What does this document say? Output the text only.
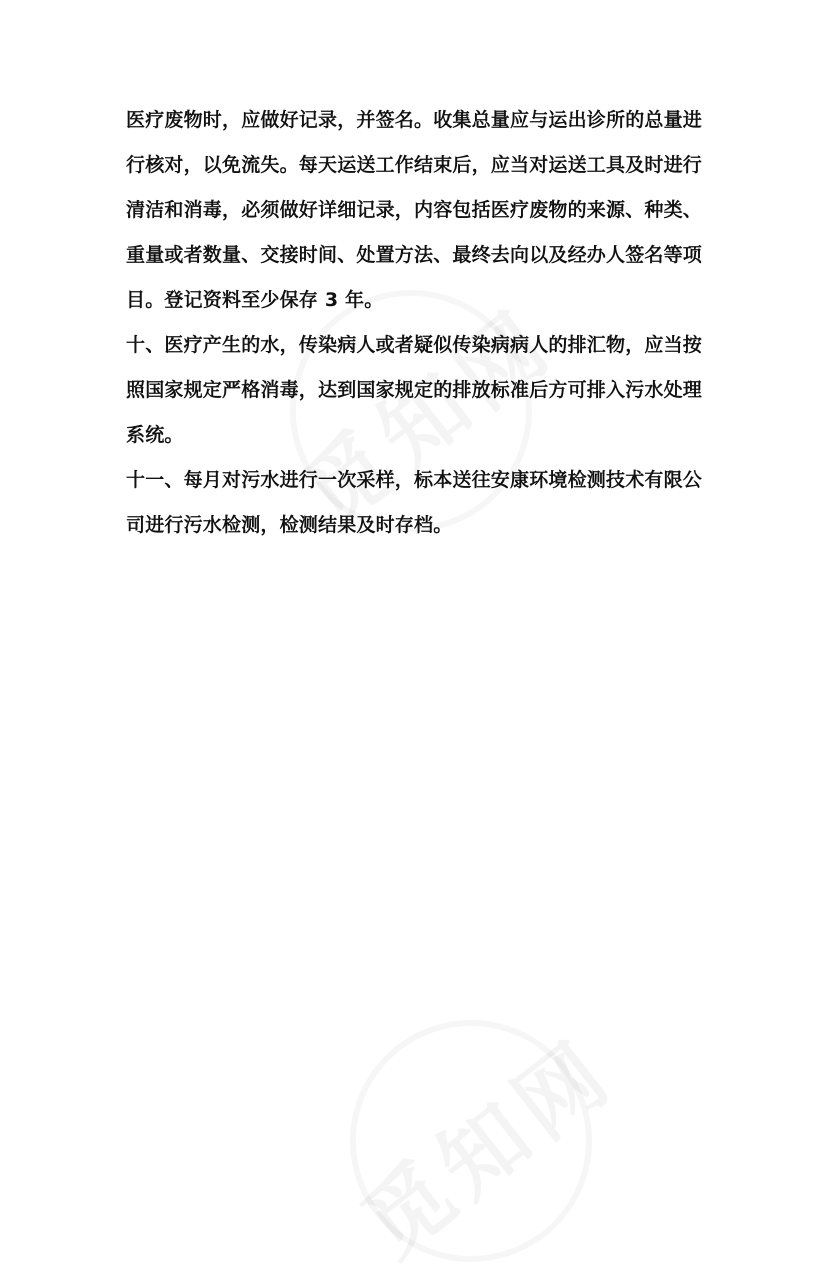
医疗废物时，应做好记录，并签名。收集总量应与运出诊所的总量进
行核对，以免流失。每天运送工作结束后，应当对运送工具及时进行
清洁和消毒，必须做好详细记录，内容包括医疗废物的来源、种类、
重量或者数量、交接时间、处置方法、最终去向以及经办人签名等项
目。登记资料至少保存 3 年。
十、医疗产生的水，传染病人或者疑似传染病病人的排汇物，应当按
照国家规定严格消毒，达到国家规定的排放标准后方可排入污水处理
系统。
十一、每月对污水进行一次采样，标本送往安康环境检测技术有限公
司进行污水检测，检测结果及时存档。
